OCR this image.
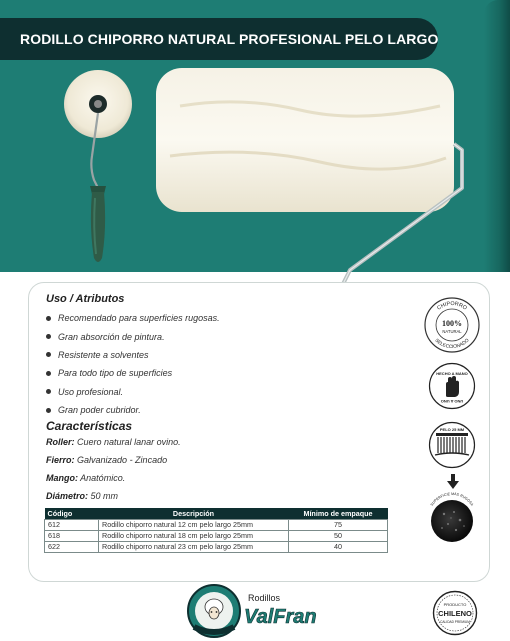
RODILLO CHIPORRO NATURAL PROFESIONAL PELO LARGO
Uso / Atributos
Recomendado para superficies rugosas.
Gran absorción de pintura.
Resistente a solventes
Para todo tipo de superficies
Uso profesional.
Gran poder cubridor.
Características
Roller: Cuero natural lanar ovino.
Fierro: Galvanizado - Zincado
Mango: Anatómico.
Diámetro: 50 mm
Código	Descripción	Mínimo de empaque
612	Rodillo chiporro natural 12 cm pelo largo 25mm	75
618	Rodillo chiporro natural 18 cm pelo largo 25mm	50
622	Rodillo chiporro natural 23 cm pelo largo 25mm	40
CHIPORRO
SELECCIONADO
100%
NATURAL
HECHO A MANO
UNO A UNO
PELO 25 MM
SUPERFICIE MÁS RUGOSA
Rodillos
ValFran
PRODUCTO
CHILENO
CALIDAD PREMIUM
